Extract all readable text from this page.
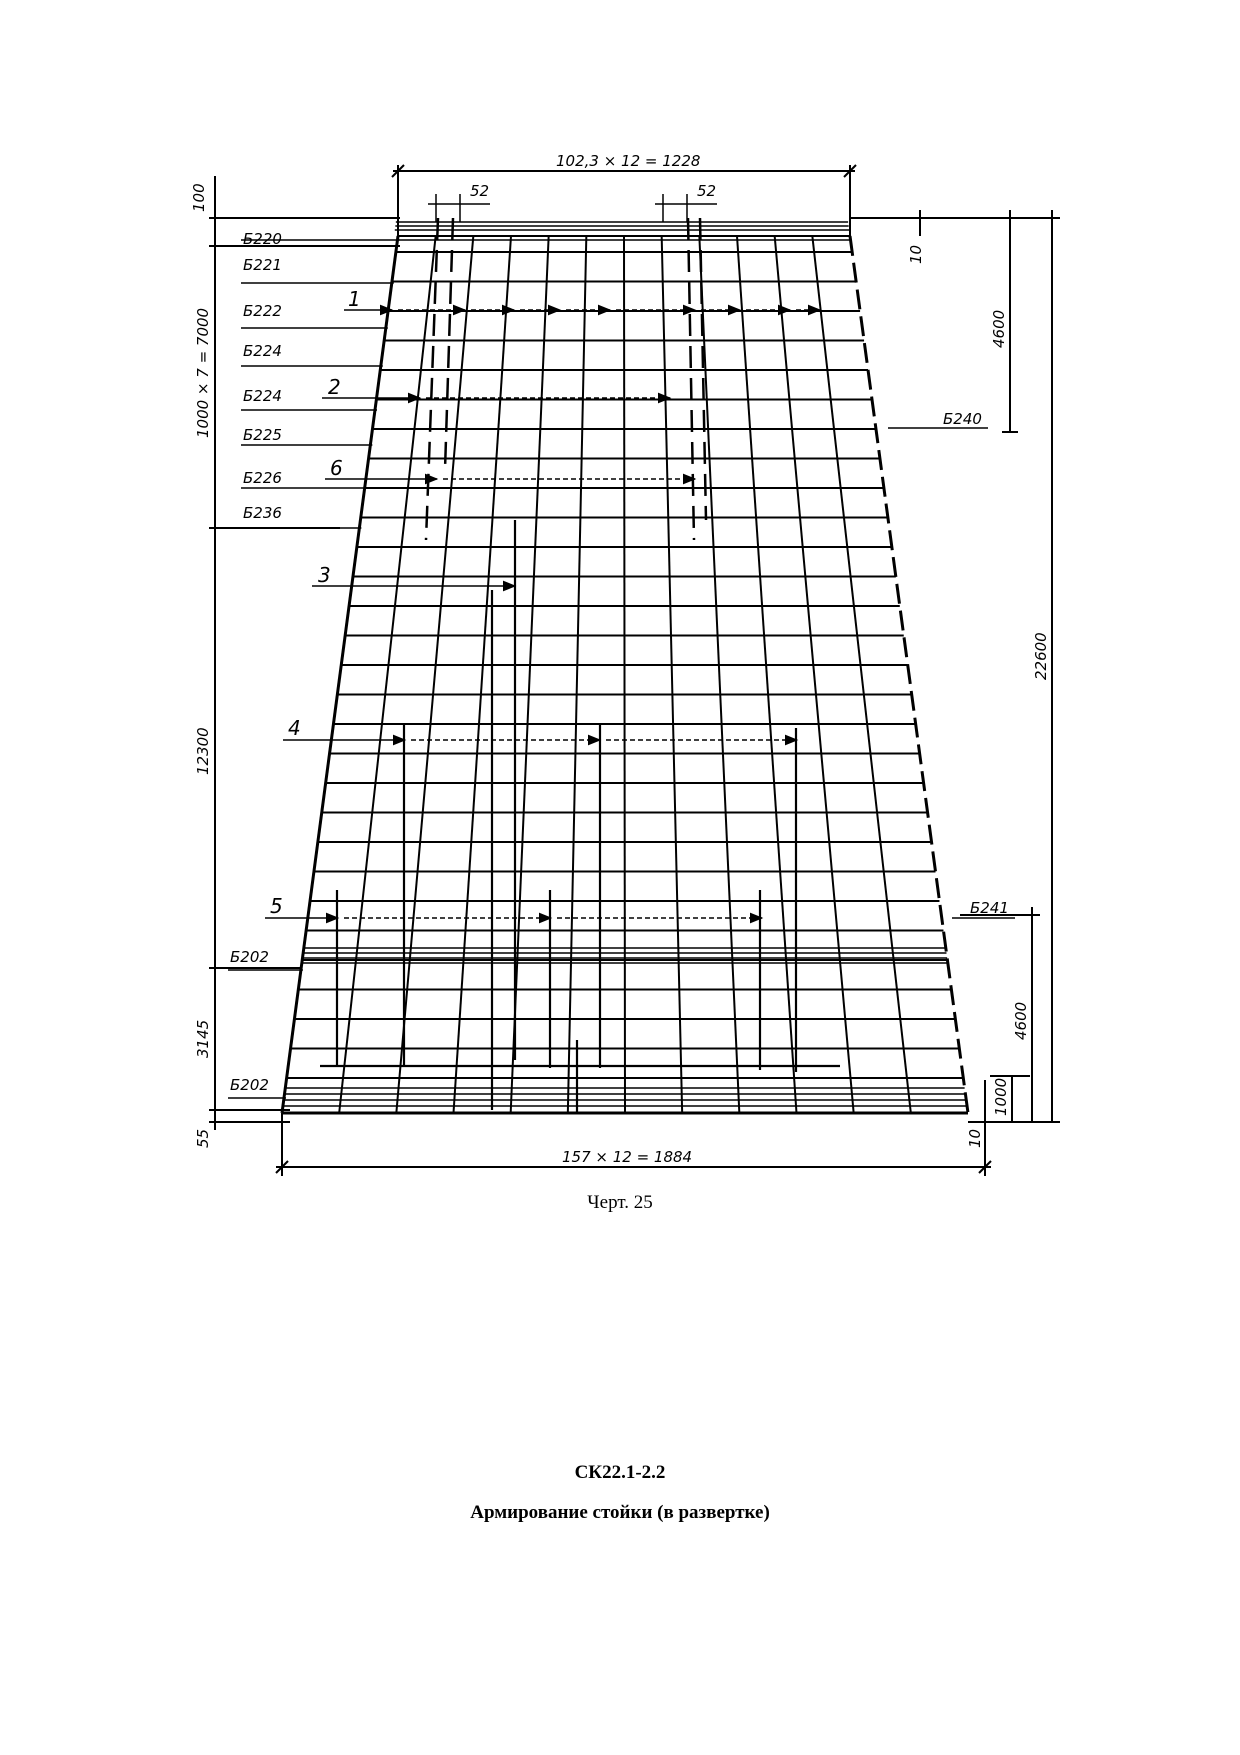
102,3 × 12 = 1228
52	52
100
1000 × 7 = 7000
12300
3145
55
157 × 12 = 1884
10
4600
22600
4600
1000
10
Б220
Б221
Б222
Б224
Б224
Б225
Б226
Б236
Б202
Б202
Б240
Б241
1
2
6
3
4
5
Черт. 25
СК22.1-2.2
Армирование стойки (в развертке)
